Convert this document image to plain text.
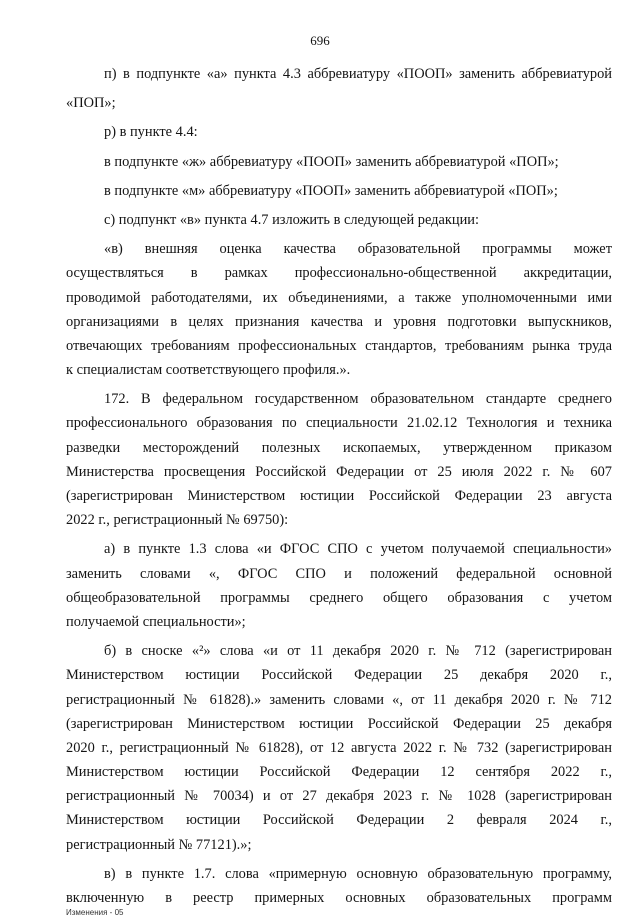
696
п) в подпункте «а» пункта 4.3 аббревиатуру «ПООП» заменить аббревиатурой
«ПОП»;
р) в пункте 4.4:
в подпункте «ж» аббревиатуру «ПООП» заменить аббревиатурой «ПОП»;
в подпункте «м» аббревиатуру «ПООП» заменить аббревиатурой «ПОП»;
с) подпункт «в» пункта 4.7 изложить в следующей редакции:
«в) внешняя оценка качества образовательной программы может
осуществляться в рамках профессионально-общественной аккредитации,
проводимой работодателями, их объединениями, а также уполномоченными ими
организациями в целях признания качества и уровня подготовки выпускников,
отвечающих требованиям профессиональных стандартов, требованиям рынка труда
к специалистам соответствующего профиля.».
172. В федеральном государственном образовательном стандарте среднего
профессионального образования по специальности 21.02.12 Технология и техника
разведки месторождений полезных ископаемых, утвержденном приказом
Министерства просвещения Российской Федерации от 25 июля 2022 г. № 607
(зарегистрирован Министерством юстиции Российской Федерации 23 августа
2022 г., регистрационный № 69750):
а) в пункте 1.3 слова «и ФГОС СПО с учетом получаемой специальности»
заменить словами «, ФГОС СПО и положений федеральной основной
общеобразовательной программы среднего общего образования с учетом
получаемой специальности»;
б) в сноске «²» слова «и от 11 декабря 2020 г. № 712 (зарегистрирован
Министерством юстиции Российской Федерации 25 декабря 2020 г.,
регистрационный № 61828).» заменить словами «, от 11 декабря 2020 г. № 712
(зарегистрирован Министерством юстиции Российской Федерации 25 декабря
2020 г., регистрационный № 61828), от 12 августа 2022 г. № 732 (зарегистрирован
Министерством юстиции Российской Федерации 12 сентября 2022 г.,
регистрационный № 70034) и от 27 декабря 2023 г. № 1028 (зарегистрирован
Министерством юстиции Российской Федерации 2 февраля 2024 г.,
регистрационный № 77121).»;
в) в пункте 1.7. слова «примерную основную образовательную программу,
включенную в реестр примерных основных образовательных программ
Изменения - 05
